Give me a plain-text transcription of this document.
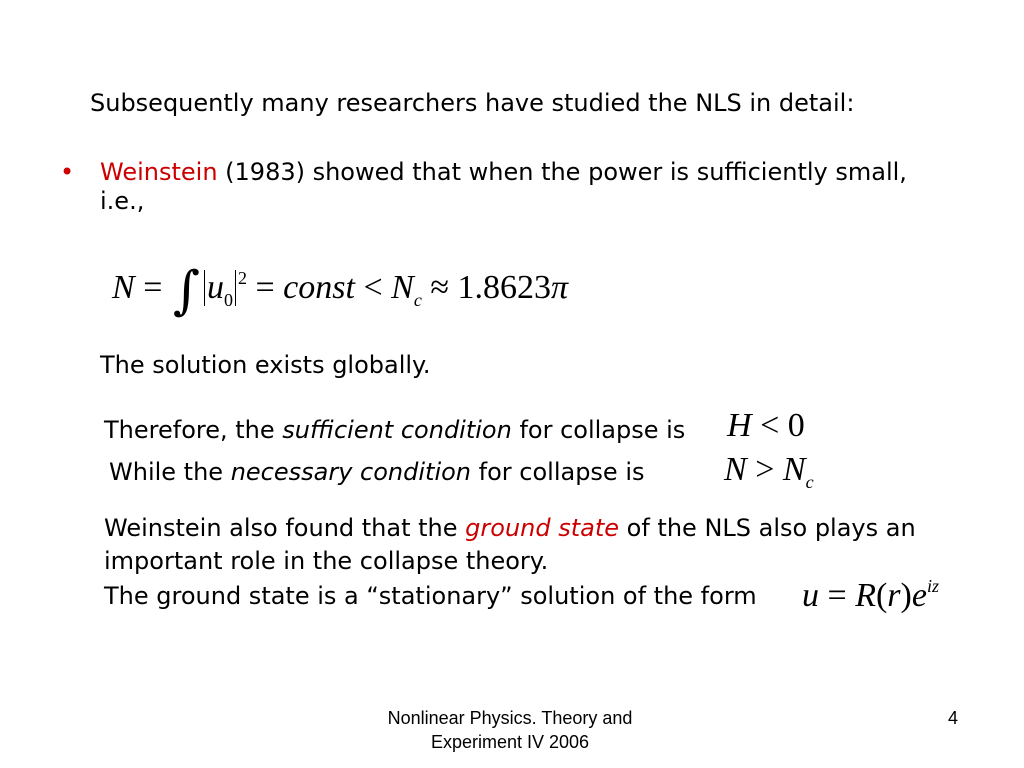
Subsequently many researchers have studied the NLS in detail:
• Weinstein (1983) showed that when the power is sufficiently small,
i.e.,
N = ∫ $u_0^2$ = const < $N_c \approx 1.8623\pi$
The solution exists globally.
Therefore, the sufficient condition for collapse is H < 0
While the necessary condition for collapse is $N > N_c$
Weinstein also found that the ground state of the NLS also plays an
important role in the collapse theory.
The ground state is a “stationary” solution of the form $u = R(r)e^{iz}$
Nonlinear Physics. Theory and
Experiment IV 2006
4
